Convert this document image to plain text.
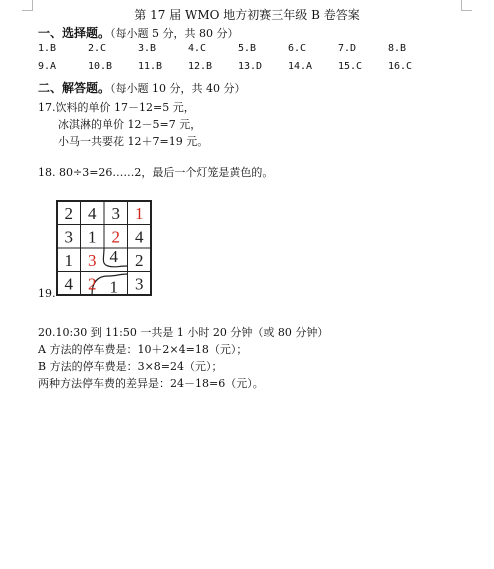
第 17 届 WMO 地方初赛三年级 B 卷答案
一、选择题。（每小题 5 分，共 80 分）
1.B	2.C	3.B	4.C	5.B	6.C	7.D	8.B
9.A	10.B	11.B	12.B	13.D	14.A	15.C	16.C
二、解答题。（每小题 10 分，共 40 分）
17.饮料的单价 17－12=5 元，
冰淇淋的单价 12－5=7 元，
小马一共要花 12＋7=19 元。
18. 80÷3=26……2，最后一个灯笼是黄色的。
2 4 3 1
3 1 2 4
1 3 4 2
4 2 1 3
19.
20.10:30 到 11:50 一共是 1 小时 20 分钟（或 80 分钟）
A 方法的停车费是：10＋2×4=18（元）；
B 方法的停车费是：3×8=24（元）；
两种方法停车费的差异是：24－18=6（元）。
